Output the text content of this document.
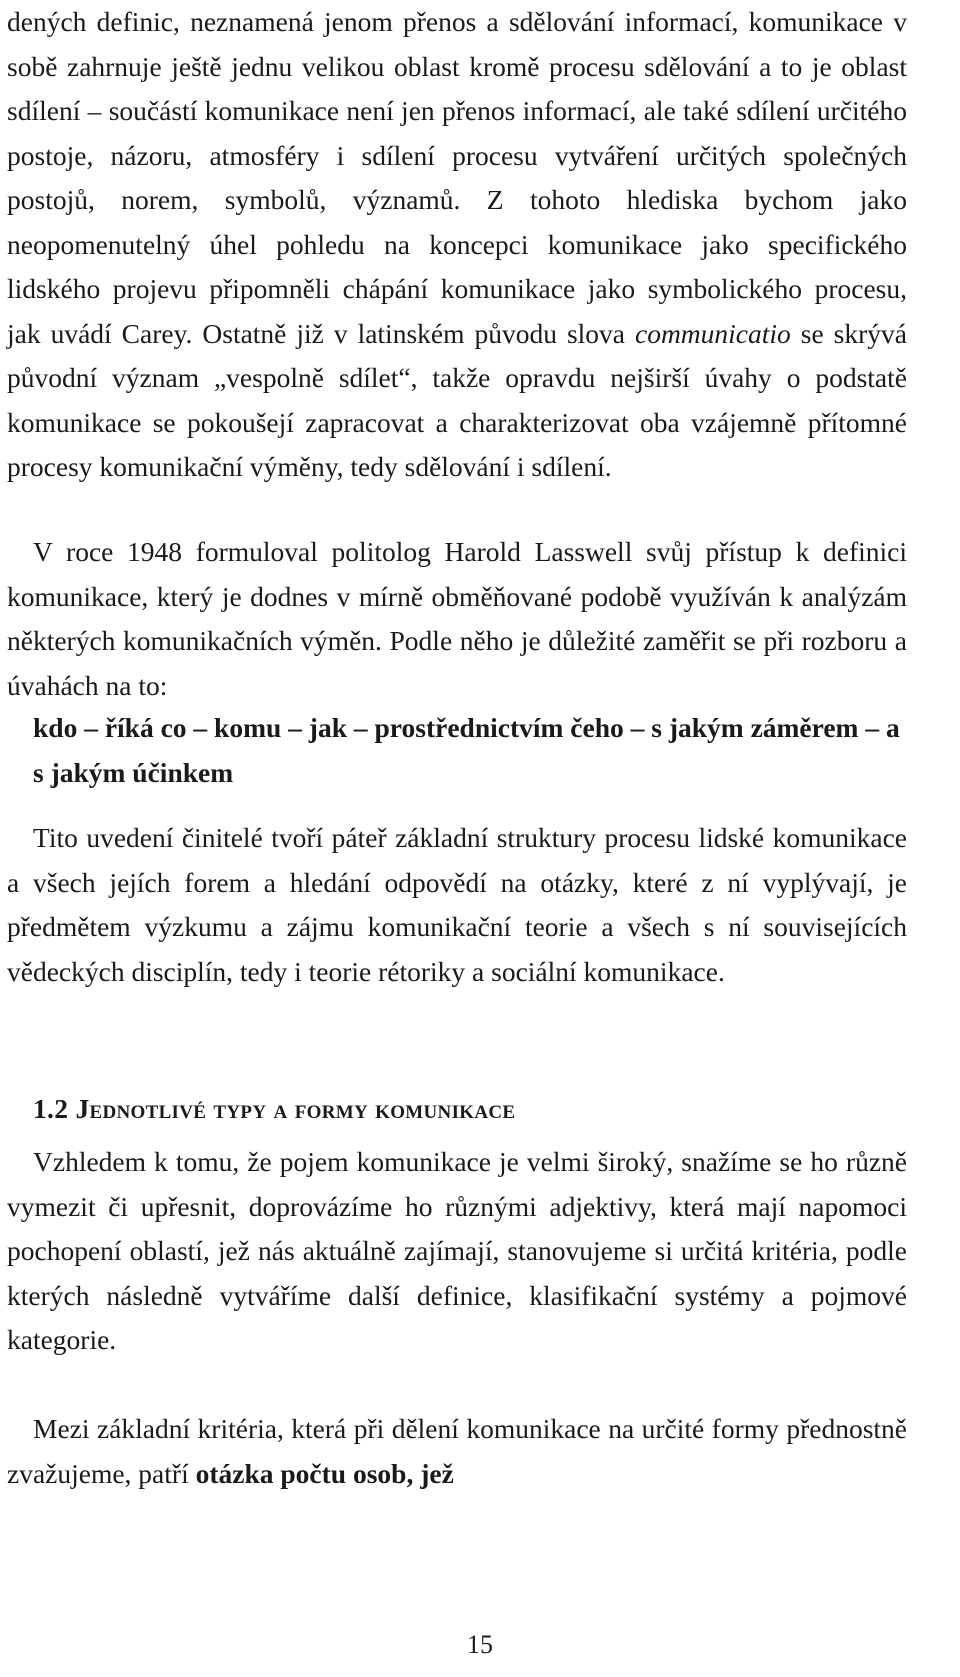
dených definic, neznamená jenom přenos a sdělování informací, komunikace v sobě zahrnuje ještě jednu velikou oblast kromě procesu sdělování a to je oblast sdílení – součástí komunikace není jen přenos informací, ale také sdílení určitého postoje, názoru, atmosféry i sdílení procesu vytváření určitých společných postojů, norem, symbolů, významů. Z tohoto hlediska bychom jako neopomenutelný úhel pohledu na koncepci komunikace jako specifického lidského projevu připomněli chápání komunikace jako symbolického procesu, jak uvádí Carey. Ostatně již v latinském původu slova communicatio se skrývá původní význam „vespolně sdílet“, takže opravdu nejširší úvahy o podstatě komunikace se pokoušejí zapracovat a charakterizovat oba vzájemně přítomné procesy komunikační výměny, tedy sdělování i sdílení.

V roce 1948 formuloval politolog Harold Lasswell svůj přístup k definici komunikace, který je dodnes v mírně obměňované podobě využíván k analýzám některých komunikačních výměn. Podle něho je důležité zaměřit se při rozboru a úvahách na to:

kdo – říká co – komu – jak – prostřednictvím čeho – s jakým záměrem – a s jakým účinkem

Tito uvedení činitelé tvoří páteř základní struktury procesu lidské komunikace a všech jejích forem a hledání odpovědí na otázky, které z ní vyplývají, je předmětem výzkumu a zájmu komunikační teorie a všech s ní souvisejících vědeckých disciplín, tedy i teorie rétoriky a sociální komunikace.

1.2 Jednotlivé typy a formy komunikace

Vzhledem k tomu, že pojem komunikace je velmi široký, snažíme se ho různě vymezit či upřesnit, doprovázíme ho různými adjektivy, která mají napomoci pochopení oblastí, jež nás aktuálně zajímají, stanovujeme si určitá kritéria, podle kterých následně vytváříme další definice, klasifikační systémy a pojmové kategorie.

Mezi základní kritéria, která při dělení komunikace na určité formy přednostně zvažujeme, patří otázka počtu osob, jež

15
